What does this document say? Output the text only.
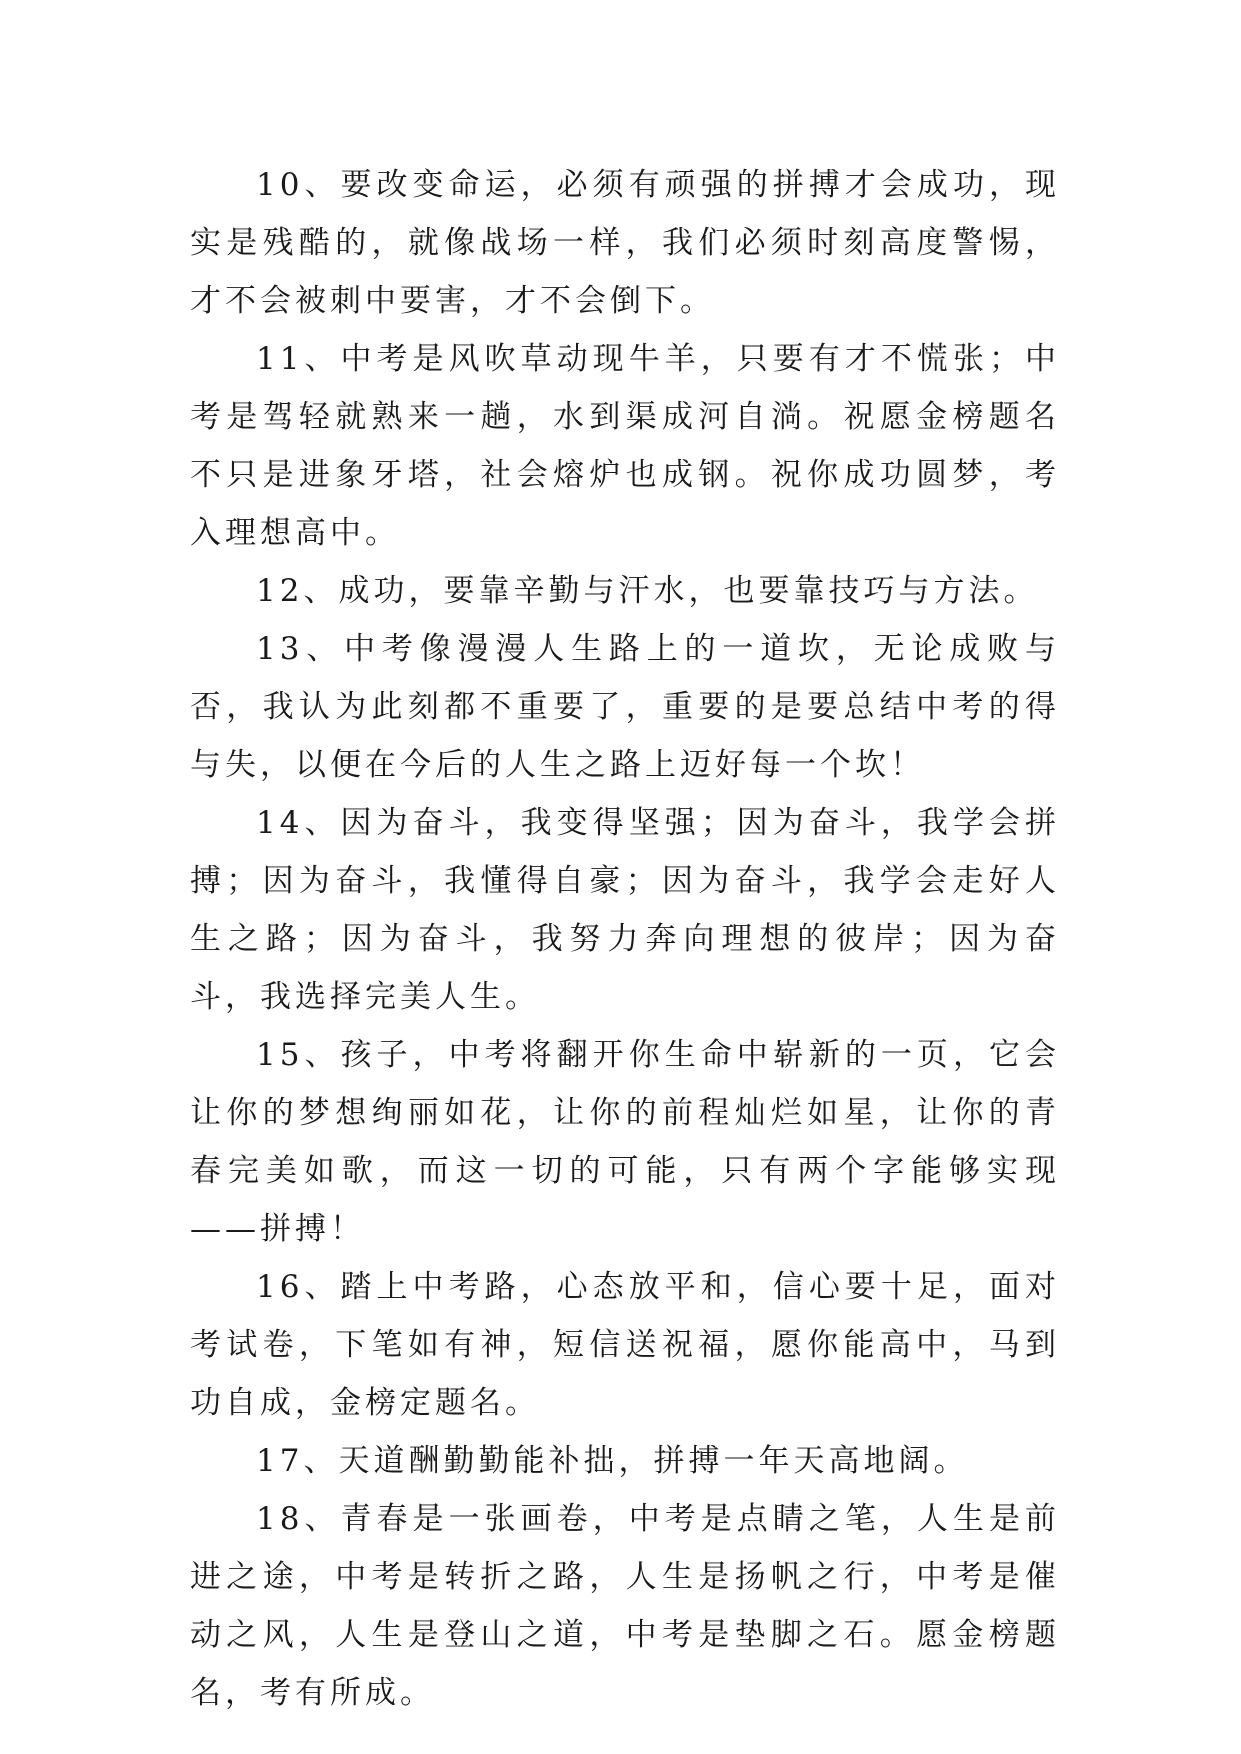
10、要改变命运，必须有顽强的拼搏才会成功，现实是残酷的，就像战场一样，我们必须时刻高度警惕，才不会被刺中要害，才不会倒下。

11、中考是风吹草动现牛羊，只要有才不慌张；中考是驾轻就熟来一趟，水到渠成河自淌。祝愿金榜题名不只是进象牙塔，社会熔炉也成钢。祝你成功圆梦，考入理想高中。

12、成功，要靠辛勤与汗水，也要靠技巧与方法。

13、中考像漫漫人生路上的一道坎，无论成败与否，我认为此刻都不重要了，重要的是要总结中考的得与失，以便在今后的人生之路上迈好每一个坎！

14、因为奋斗，我变得坚强；因为奋斗，我学会拼搏；因为奋斗，我懂得自豪；因为奋斗，我学会走好人生之路；因为奋斗，我努力奔向理想的彼岸；因为奋斗，我选择完美人生。

15、孩子，中考将翻开你生命中崭新的一页，它会让你的梦想绚丽如花，让你的前程灿烂如星，让你的青春完美如歌，而这一切的可能，只有两个字能够实现——拼搏！

16、踏上中考路，心态放平和，信心要十足，面对考试卷，下笔如有神，短信送祝福，愿你能高中，马到功自成，金榜定题名。

17、天道酬勤勤能补拙，拼搏一年天高地阔。

18、青春是一张画卷，中考是点睛之笔，人生是前进之途，中考是转折之路，人生是扬帆之行，中考是催动之风，人生是登山之道，中考是垫脚之石。愿金榜题名，考有所成。
